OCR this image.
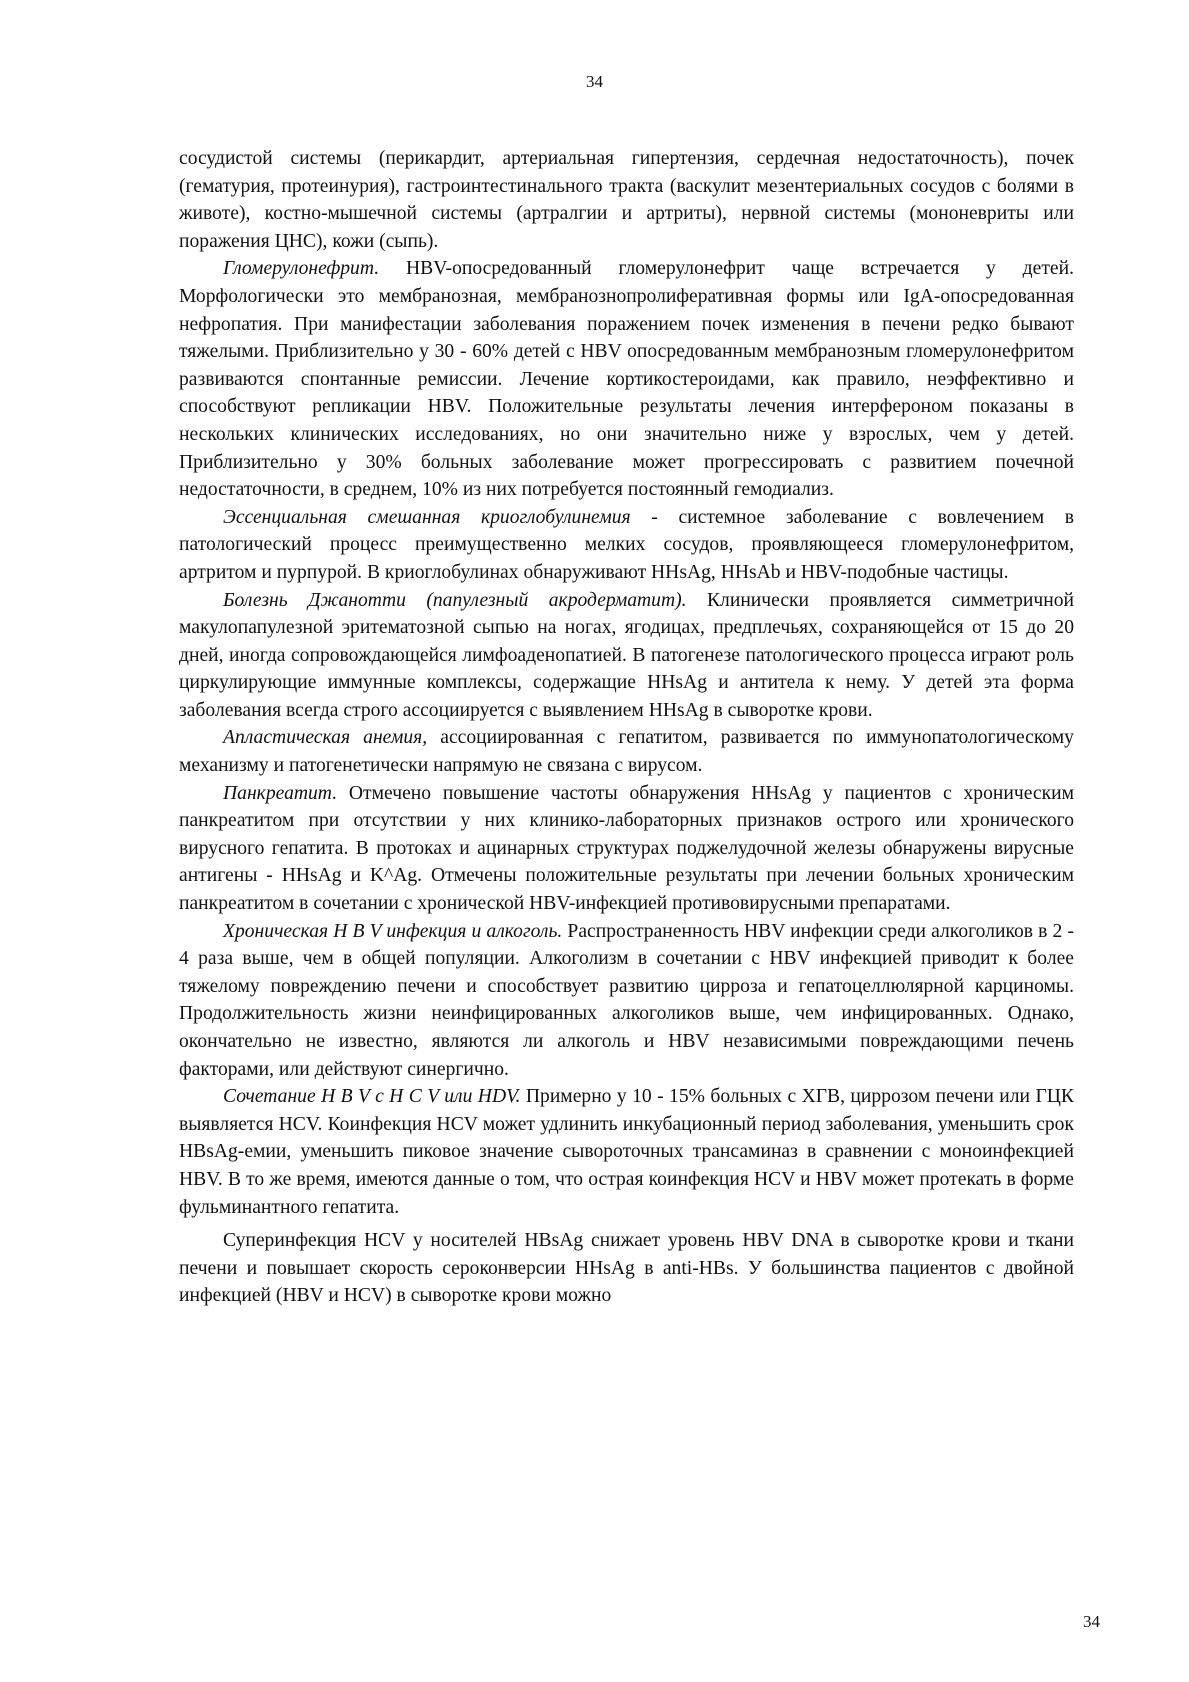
34

сосудистой системы (перикардит, артериальная гипертензия, сердечная недостаточность), почек (гематурия, протеинурия), гастроинтестинального тракта (васкулит мезентериальных сосудов с болями в животе), костно-мышечной системы (артралгии и артриты), нервной системы (мононевриты или поражения ЦНС), кожи (сыпь).

Гломерулонефрит. HBV-опосредованный гломерулонефрит чаще встречается у детей. Морфологически это мембранозная, мембранознопролиферативная формы или IgA-опосредованная нефропатия. При манифестации заболевания поражением почек изменения в печени редко бывают тяжелыми. Приблизительно у 30 - 60% детей с HBV опосредованным мембранозным гломерулонефритом развиваются спонтанные ремиссии. Лечение кортикостероидами, как правило, неэффективно и способствуют репликации HBV. Положительные результаты лечения интерфероном показаны в нескольких клинических исследованиях, но они значительно ниже у взрослых, чем у детей. Приблизительно у 30% больных заболевание может прогрессировать с развитием почечной недостаточности, в среднем, 10% из них потребуется постоянный гемодиализ.

Эссенциальная смешанная криоглобулинемия - системное заболевание с вовлечением в патологический процесс преимущественно мелких сосудов, проявляющееся гломерулонефритом, артритом и пурпурой. В криоглобулинах обнаруживают HHsAg, HHsAb и HBV-подобные частицы.

Болезнь Джанотти (папулезный акродерматит). Клинически проявляется симметричной макулопапулезной эритематозной сыпью на ногах, ягодицах, предплечьях, сохраняющейся от 15 до 20 дней, иногда сопровождающейся лимфоаденопатией. В патогенезе патологического процесса играют роль циркулирующие иммунные комплексы, содержащие HHsAg и антитела к нему. У детей эта форма заболевания всегда строго ассоциируется с выявлением HHsAg в сыворотке крови.

Апластическая анемия, ассоциированная с гепатитом, развивается по иммунопатологическому механизму и патогенетически напрямую не связана с вирусом.

Панкреатит. Отмечено повышение частоты обнаружения HHsAg у пациентов с хроническим панкреатитом при отсутствии у них клинико-лабораторных признаков острого или хронического вирусного гепатита. В протоках и ацинарных структурах поджелудочной железы обнаружены вирусные антигены - HHsAg и K^Ag. Отмечены положительные результаты при лечении больных хроническим панкреатитом в сочетании с хронической HBV-инфекцией противовирусными препаратами.

Хроническая H B V инфекция и алкоголь. Распространенность HBV инфекции среди алкоголиков в 2 - 4 раза выше, чем в общей популяции. Алкоголизм в сочетании с HBV инфекцией приводит к более тяжелому повреждению печени и способствует развитию цирроза и гепатоцеллюлярной карциномы. Продолжительность жизни неинфицированных алкоголиков выше, чем инфицированных. Однако, окончательно не известно, являются ли алкоголь и HBV независимыми повреждающими печень факторами, или действуют синергично.

Сочетание H B V с H C V или HDV. Примерно у 10 - 15% больных с ХГВ, циррозом печени или ГЦК выявляется HCV. Коинфекция HCV может удлинить инкубационный период заболевания, уменьшить срок HBsAg-емии, уменьшить пиковое значение сывороточных трансаминаз в сравнении с моноинфекцией HBV. В то же время, имеются данные о том, что острая коинфекция HCV и HBV может протекать в форме фульминантного гепатита.

Суперинфекция HCV у носителей HBsAg снижает уровень HBV DNA в сыворотке крови и ткани печени и повышает скорость сероконверсии HHsAg в anti-HBs. У большинства пациентов с двойной инфекцией (HBV и HCV) в сыворотке крови можно

34
